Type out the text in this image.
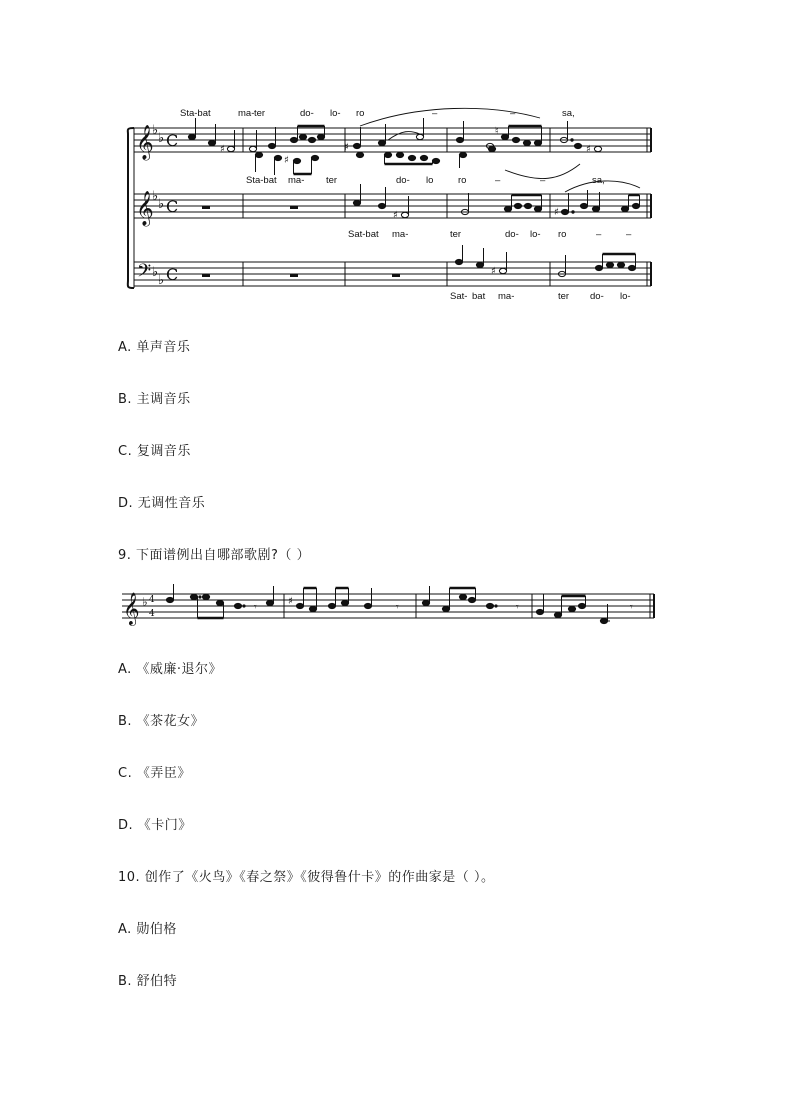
𝄞
𝄞
𝄢
♭
♭
♭
♭
♭
♭
C
C
C
♯
♯
♯
♮
♯
♯	♯
♯
Sta-bat	ma- ter	do- lo- ro	–	–	sa,
Sta-bat ma- ter	do- lo	ro	–	–	sa,
Sat-bat ma-	ter	do- lo- ro	–	–
Sat- bat ma-	ter do- lo-
A. 单声音乐
B. 主调音乐
C. 复调音乐
D. 无调性音乐
9. 下面谱例出自哪部歌剧?（ ）
𝄞 ♭ 4
4
𝄾
♯
𝄾	𝄾	𝄾
A. 《威廉·退尔》
B. 《茶花女》
C. 《弄臣》
D. 《卡门》
10. 创作了《火鸟》《春之祭》《彼得鲁什卡》的作曲家是（ ）。
A. 勋伯格
B. 舒伯特
